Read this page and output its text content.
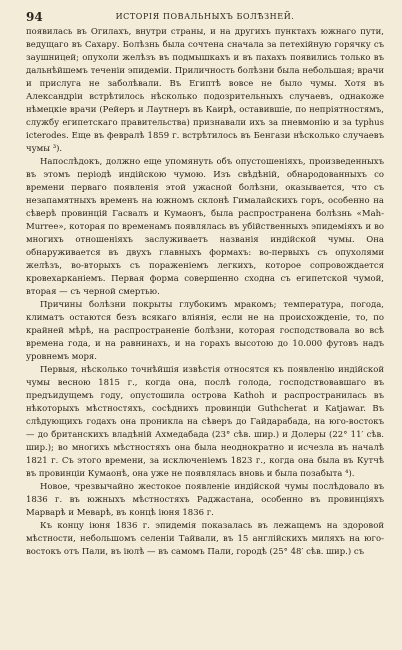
94	ИСТОРІЯ ПОВАЛЬНЫХЪ БОЛѢЗНЕЙ.

появилась въ Огилахъ, внутри страны, и на другихъ пунктахъ южнаго пути, ведущаго въ Сахару. Болѣзнь была сочтена сначала за петехійную горячку съ заушницей; опухоли желѣзъ въ подмышкахъ и въ пахахъ появились только въ дальнѣйшемъ теченіи эпидеміи. Приличность болѣзни была небольшая; врачи и прислуга не заболѣвали. Въ Египтѣ вовсе не было чумы. Хотя въ Александріи встрѣтилось нѣсколько подозрительныхъ случаевъ, однакоже нѣмецкіе врачи (Рейеръ и Лаутнеръ въ Каирѣ, оставившіе, по непріятностямъ, службу египетскаго правительства) признавали ихъ за пневмонію и за typhus icterodes. Еще въ февралѣ 1859 г. встрѣтилось въ Бенгази нѣсколько случаевъ чумы ³).

Напослѣдокъ, должно еще упомянуть объ опустошеніяхъ, произведенныхъ въ этомъ періодѣ индійскою чумою. Изъ свѣдѣній, обнародованныхъ со времени перваго появленія этой ужасной болѣзни, оказывается, что съ незапамятныхъ временъ на южномъ склонѣ Гималайскихъ горъ, особенно на сѣверѣ провинцій Гасвалъ и Кумаонъ, была распространена болѣзнь «Mah-Murree», которая по временамъ появлялась въ убійственныхъ эпидеміяхъ и во многихъ отношеніяхъ заслуживаетъ названія индійской чумы. Она обнаруживается въ двухъ главныхъ формахъ: во-первыхъ съ опухолями желѣзъ, во-вторыхъ съ пораженіемъ легкихъ, которое сопровождается кровехарканіемъ. Первая форма совершенно сходна съ египетской чумой, вторая — съ черной смертью.

Причины болѣзни покрыты глубокимъ мракомъ; температура, погода, климатъ остаются безъ всякаго вліянія, если не на происхожденіе, то, по крайней мѣрѣ, на распространеніе болѣзни, которая господствовала во всѣ времена года, и на равнинахъ, и на горахъ высотою до 10.000 футовъ надъ уровнемъ моря.

Первыя, нѣсколько точнѣйшія извѣстія относятся къ появленію индійской чумы весною 1815 г., когда она, послѣ голода, господствовавшаго въ предъидущемъ году, опустошила острова Kathoh и распространилась въ нѣкоторыхъ мѣстностяхъ, сосѣднихъ провинціи Guthcherat и Katjawar. Въ слѣдующихъ годахъ она проникла на сѣверъ до Гайдарабада, на юго-востокъ — до британскихъ владѣній Ахмедабада (23° сѣв. шир.) и Долеры (22° 11′ сѣв. шир.); во многихъ мѣстностяхъ она была неоднократно и исчезла въ началѣ 1821 г. Съ этого времени, за исключеніемъ 1823 г., когда она была въ Кутчѣ въ провинціи Кумаонѣ, она уже не появлялась вновь и была позабыта ⁴).

Новое, чрезвычайно жестокое появленіе индійской чумы послѣдовало въ 1836 г. въ южныхъ мѣстностяхъ Раджастана, особенно въ провинціяхъ Марварѣ и Меварѣ, въ концѣ іюня 1836 г.

Къ концу іюня 1836 г. эпидемія показалась въ лежащемъ на здоровой мѣстности, небольшомъ селеніи Тайвали, въ 15 англійскихъ миляхъ на юго-востокъ отъ Пали, въ іюлѣ — въ самомъ Пали, городѣ (25° 48′ сѣв. шир.) съ
